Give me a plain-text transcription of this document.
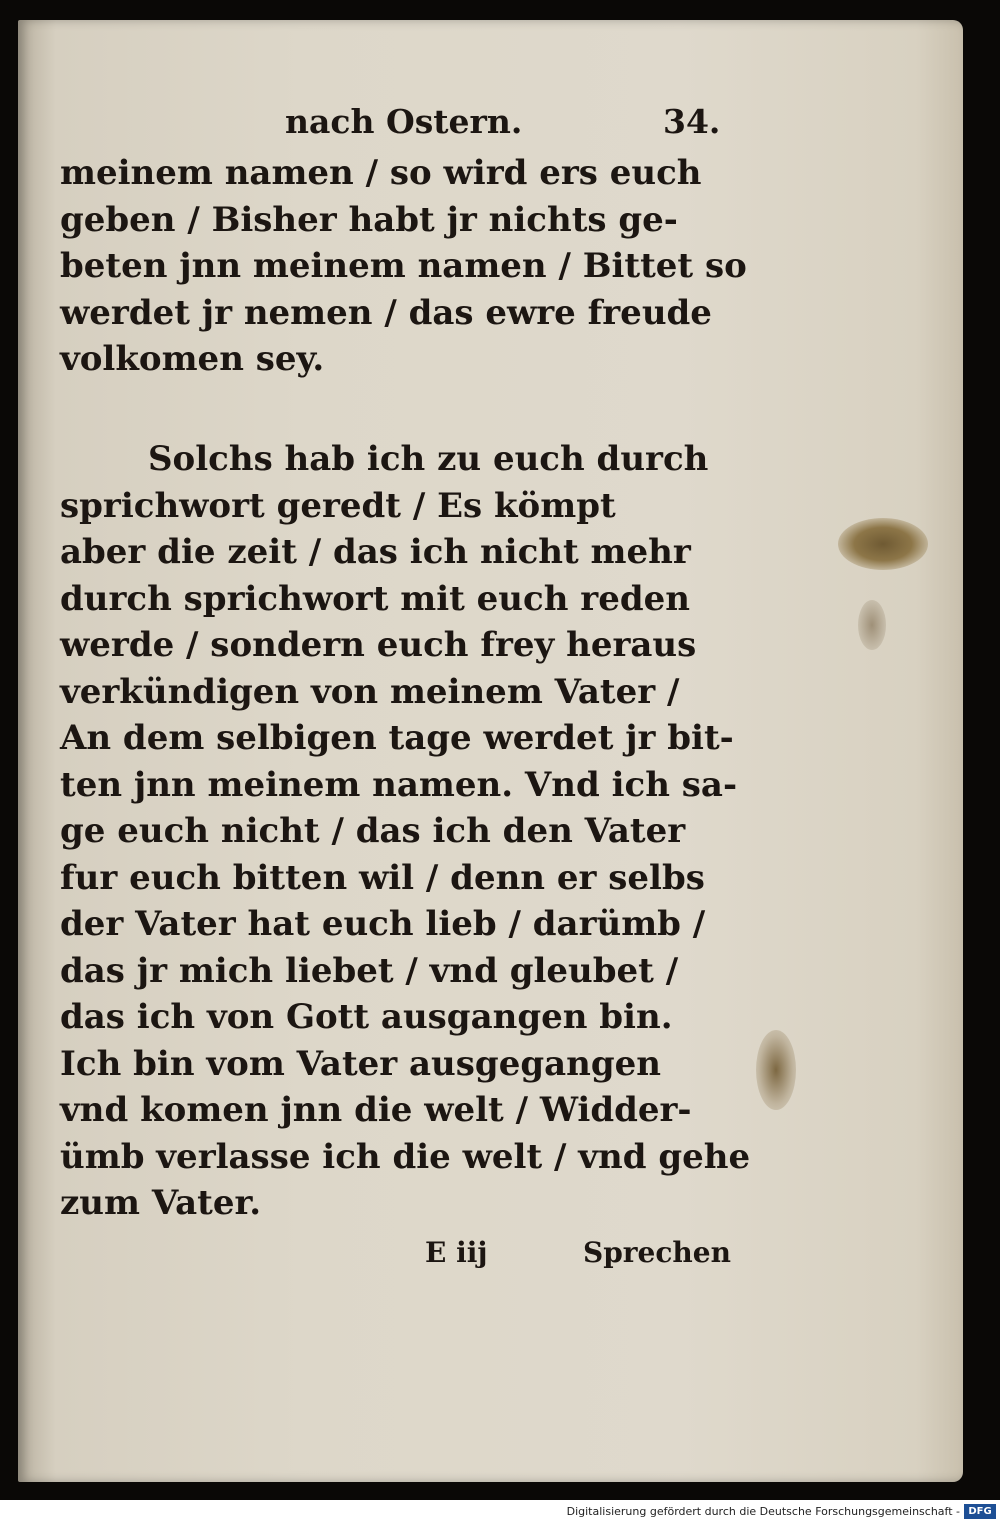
nach Ostern.	34.
meinem namen / so wird ers euch
geben / Bisher habt jr nichts ge-
beten jnn meinem namen / Bittet so
werdet jr nemen / das ewre freude
volkomen sey.
Solchs hab ich zu euch durch
sprichwort geredt / Es kömpt
aber die zeit / das ich nicht mehr
durch sprichwort mit euch reden
werde / sondern euch frey heraus
verkündigen von meinem Vater /
An dem selbigen tage werdet jr bit-
ten jnn meinem namen. Vnd ich sa-
ge euch nicht / das ich den Vater
fur euch bitten wil / denn er selbs
der Vater hat euch lieb / darümb /
das jr mich liebet / vnd gleubet /
das ich von Gott ausgangen bin.
Ich bin vom Vater ausgegangen
vnd komen jnn die welt / Widder-
ümb verlasse ich die welt / vnd gehe
zum Vater.
E iij	Sprechen
Digitalisierung gefördert durch die Deutsche Forschungsgemeinschaft - DFG
